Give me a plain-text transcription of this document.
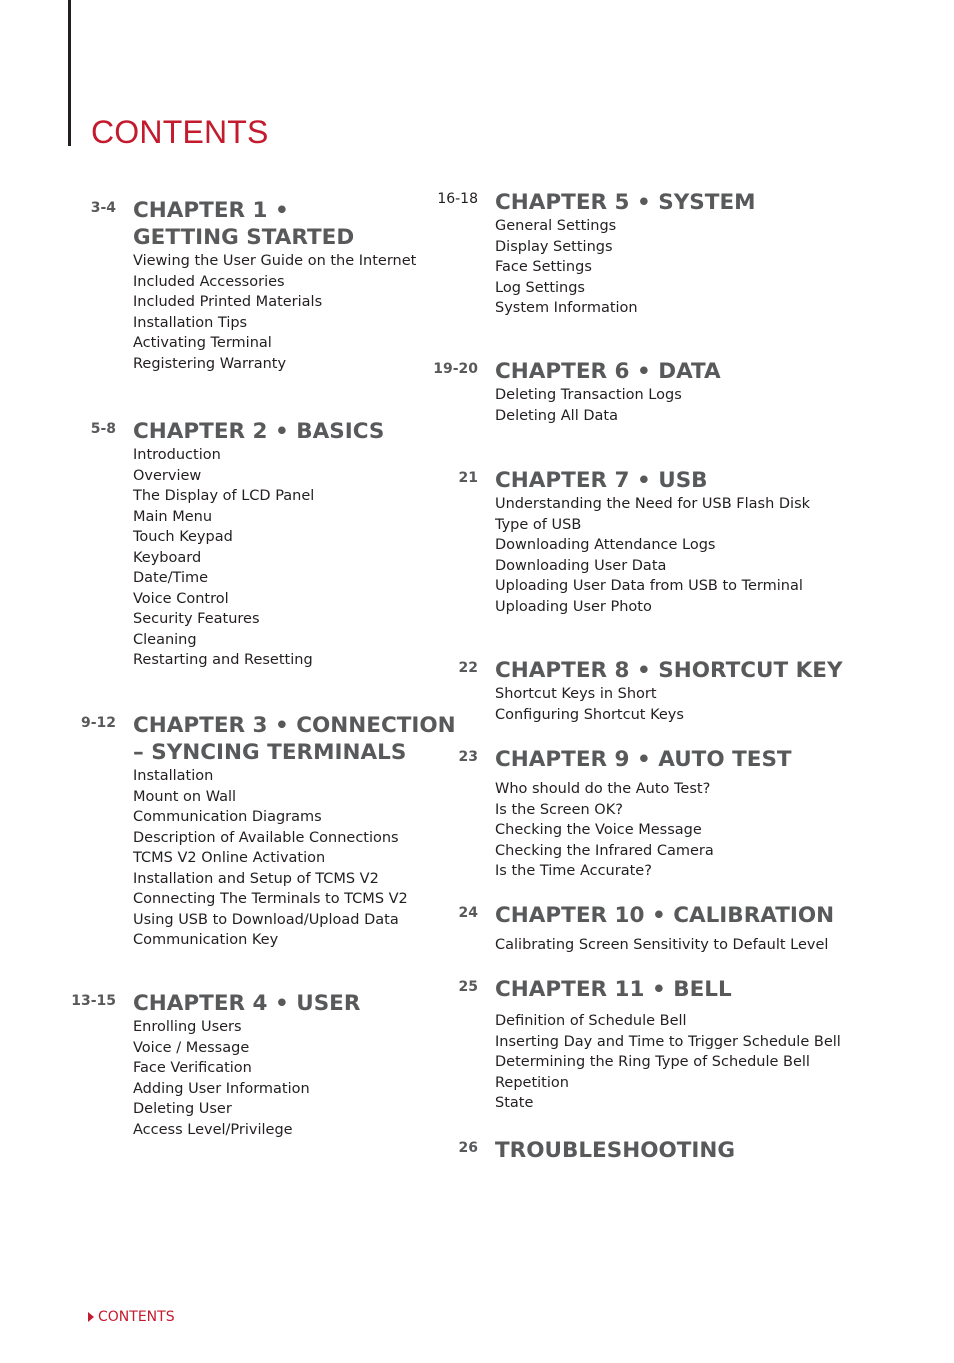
CONTENTS
3-4 CHAPTER 1 •
GETTING STARTED
Viewing the User Guide on the Internet
Included Accessories
Included Printed Materials
Installation Tips
Activating Terminal
Registering Warranty
5-8 CHAPTER 2 • BASICS
Introduction
Overview
The Display of LCD Panel
Main Menu
Touch Keypad
Keyboard
Date/Time
Voice Control
Security Features
Cleaning
Restarting and Resetting
9-12 CHAPTER 3 • CONNECTION
– SYNCING TERMINALS
Installation
Mount on Wall
Communication Diagrams
Description of Available Connections
TCMS V2 Online Activation
Installation and Setup of TCMS V2
Connecting The Terminals to TCMS V2
Using USB to Download/Upload Data
Communication Key
13-15 CHAPTER 4 • USER
Enrolling Users
Voice / Message
Face Verification
Adding User Information
Deleting User
Access Level/Privilege
16-18 CHAPTER 5 • SYSTEM
General Settings
Display Settings
Face Settings
Log Settings
System Information
19-20 CHAPTER 6 • DATA
Deleting Transaction Logs
Deleting All Data
21 CHAPTER 7 • USB
Understanding the Need for USB Flash Disk
Type of USB
Downloading Attendance Logs
Downloading User Data
Uploading User Data from USB to Terminal
Uploading User Photo
22 CHAPTER 8 • SHORTCUT KEY
Shortcut Keys in Short
Configuring Shortcut Keys
23 CHAPTER 9 • AUTO TEST
Who should do the Auto Test?
Is the Screen OK?
Checking the Voice Message
Checking the Infrared Camera
Is the Time Accurate?
24 CHAPTER 10 • CALIBRATION
Calibrating Screen Sensitivity to Default Level
25 CHAPTER 11 • BELL
Definition of Schedule Bell
Inserting Day and Time to Trigger Schedule Bell
Determining the Ring Type of Schedule Bell
Repetition
State
26 TROUBLESHOOTING
CONTENTS
